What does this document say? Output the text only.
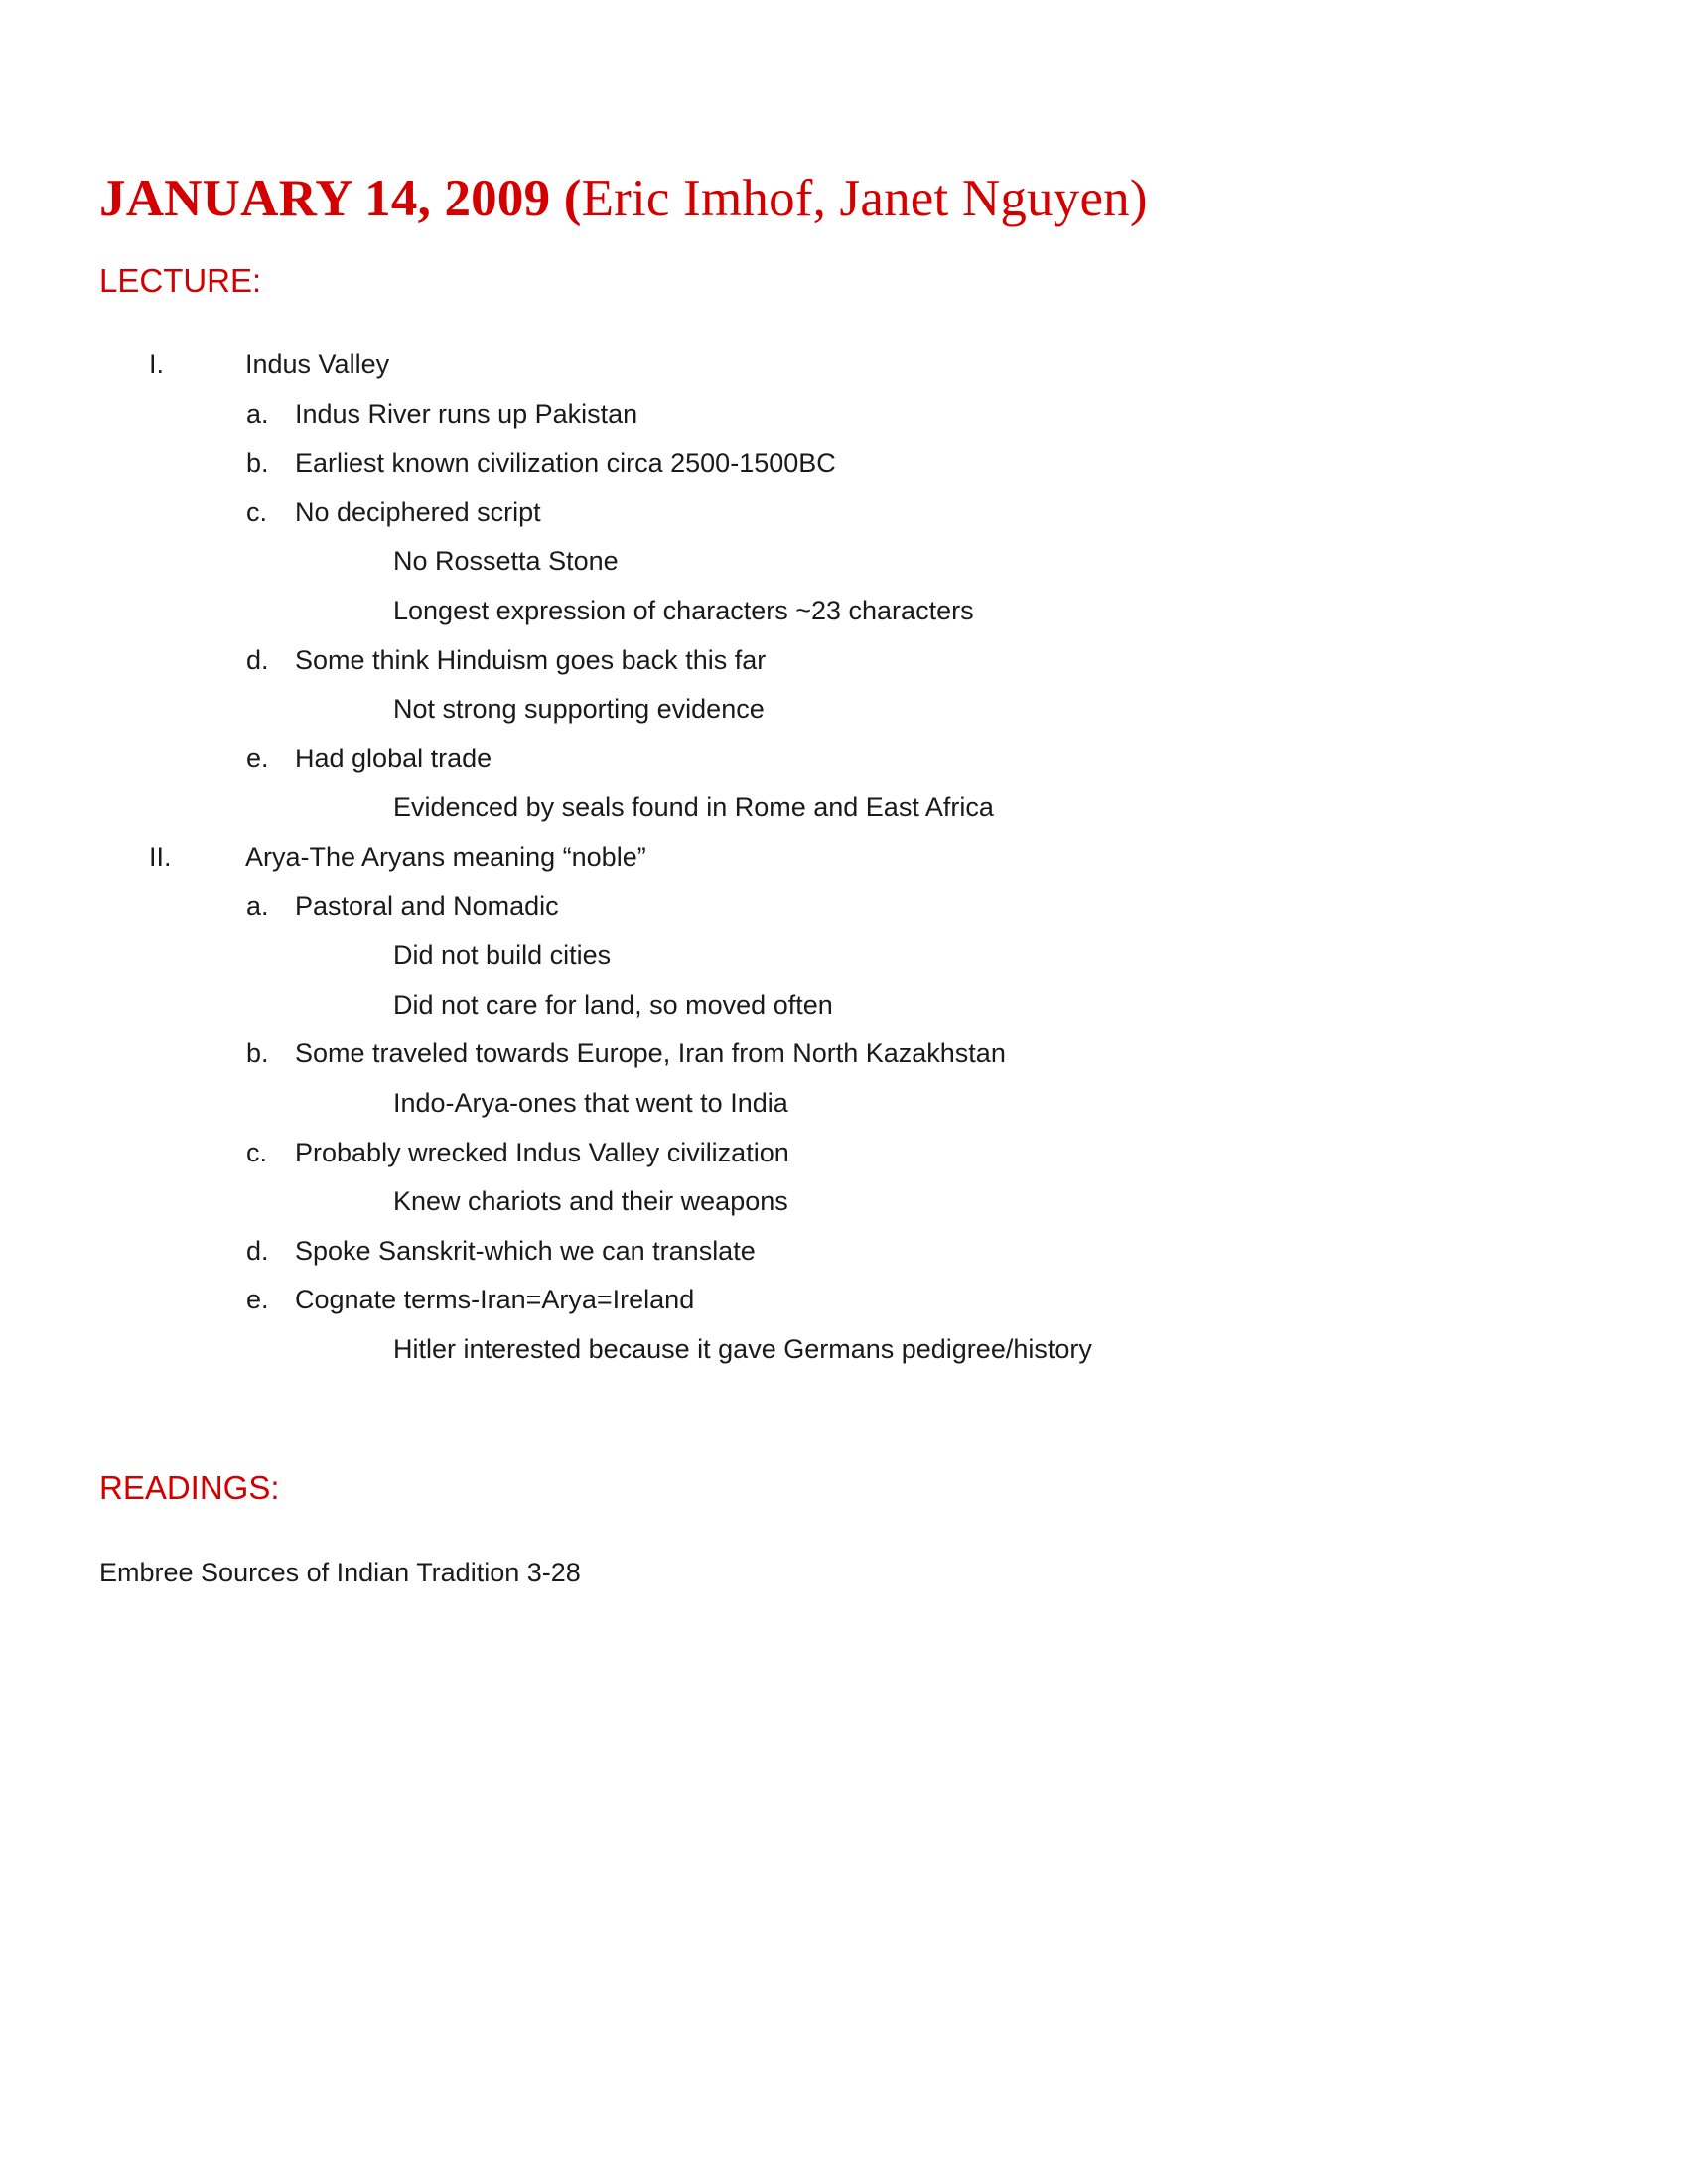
JANUARY 14, 2009 (Eric Imhof, Janet Nguyen)
LECTURE:
I.	Indus Valley
a. Indus River runs up Pakistan
b. Earliest known civilization circa 2500-1500BC
c. No deciphered script
No Rossetta Stone
Longest expression of characters ~23 characters
d. Some think Hinduism goes back this far
Not strong supporting evidence
e. Had global trade
Evidenced by seals found in Rome and East Africa
II.	Arya-The Aryans meaning “noble”
a. Pastoral and Nomadic
Did not build cities
Did not care for land, so moved often
b. Some traveled towards Europe, Iran from North Kazakhstan
Indo-Arya-ones that went to India
c. Probably wrecked Indus Valley civilization
Knew chariots and their weapons
d. Spoke Sanskrit-which we can translate
e. Cognate terms-Iran=Arya=Ireland
Hitler interested because it gave Germans pedigree/history
READINGS:
Embree Sources of Indian Tradition 3-28
